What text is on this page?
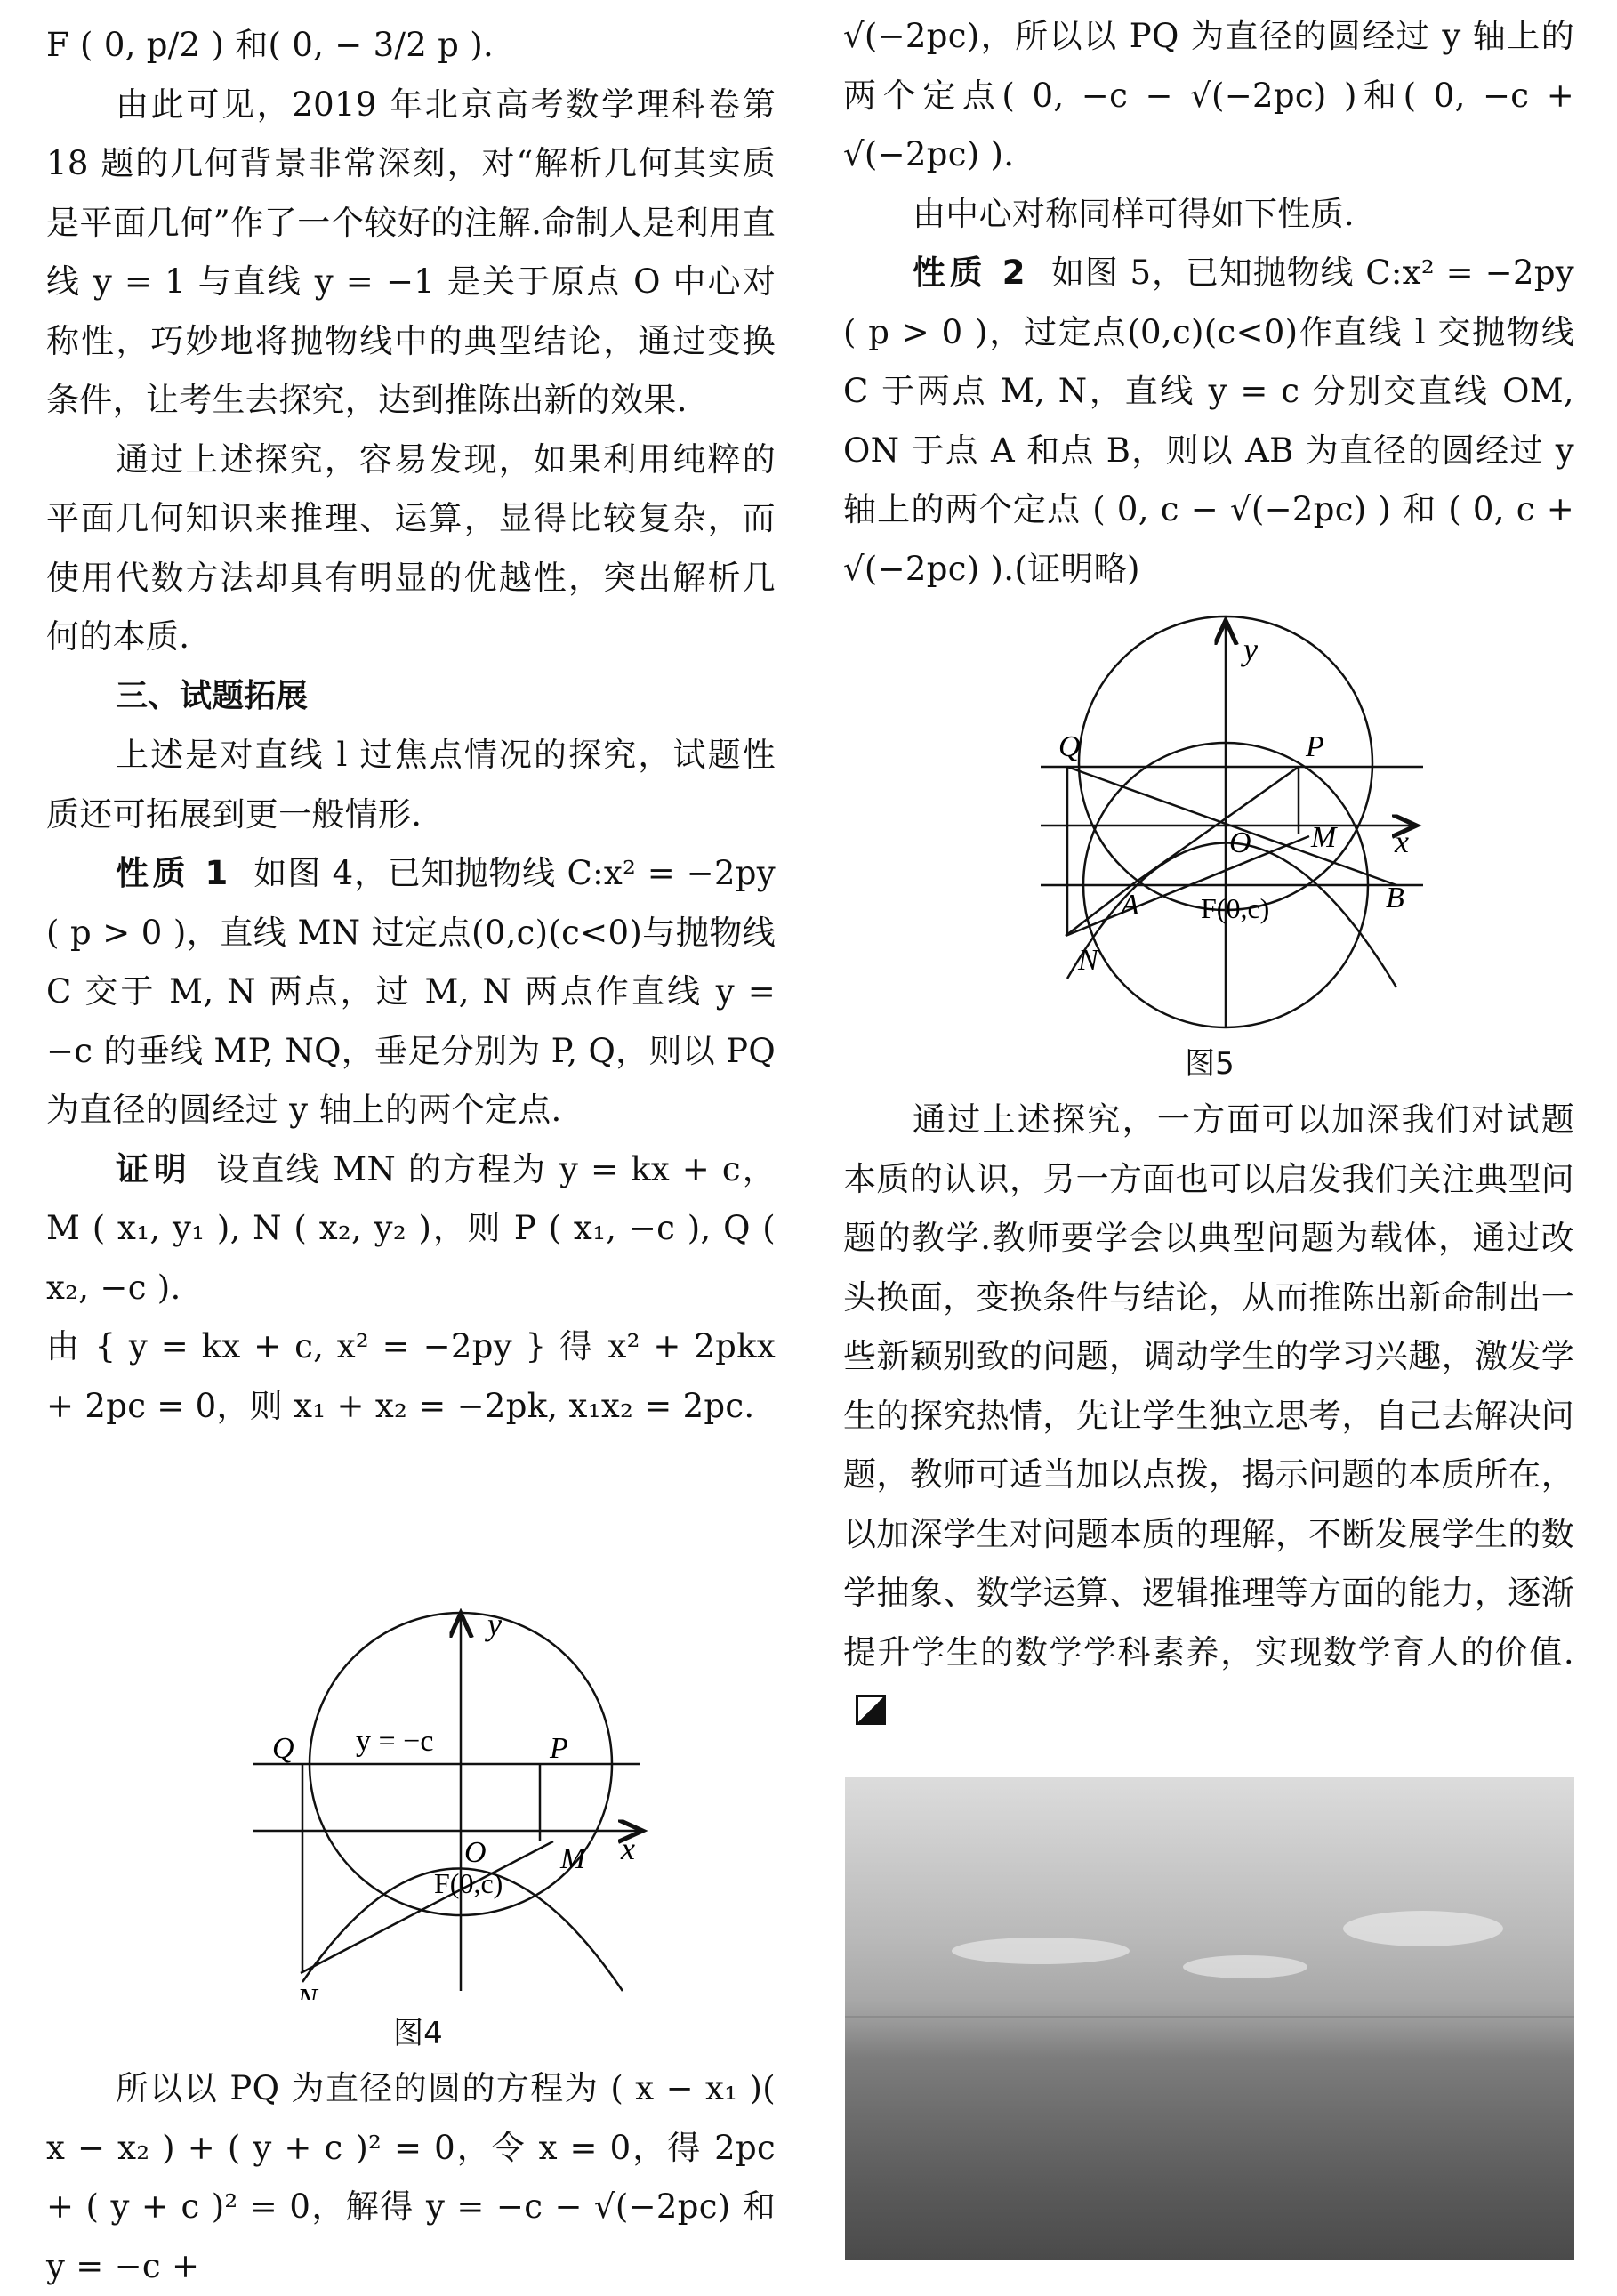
F ( 0, p/2 ) 和( 0, − 3/2 p ).

由此可见，2019 年北京高考数学理科卷第 18 题的几何背景非常深刻，对“解析几何其实质是平面几何”作了一个较好的注解.命制人是利用直线 y = 1 与直线 y = −1 是关于原点 O 中心对称性，巧妙地将抛物线中的典型结论，通过变换条件，让考生去探究，达到推陈出新的效果.

通过上述探究，容易发现，如果利用纯粹的平面几何知识来推理、运算，显得比较复杂，而使用代数方法却具有明显的优越性，突出解析几何的本质.

三、试题拓展

上述是对直线 l 过焦点情况的探究，试题性质还可拓展到更一般情形.

性质 1 如图 4，已知抛物线 C:x² = −2py ( p > 0 )，直线 MN 过定点(0,c)(c<0)与抛物线 C 交于 M, N 两点，过 M, N 两点作直线 y = −c 的垂线 MP, NQ，垂足分别为 P, Q，则以 PQ 为直径的圆经过 y 轴上的两个定点.

证明 设直线 MN 的方程为 y = kx + c，M ( x₁, y₁ ), N ( x₂, y₂ )，则 P ( x₁, −c ), Q ( x₂, −c ).

由 { y = kx + c, x² = −2py } 得 x² + 2pkx + 2pc = 0，则 x₁ + x₂ = −2pk, x₁x₂ = 2pc.

y
x
O
P
Q
M
N
F(0,c)
y = −c
图4

所以以 PQ 为直径的圆的方程为 ( x − x₁ )( x − x₂ ) + ( y + c )² = 0，令 x = 0，得 2pc + ( y + c )² = 0，解得 y = −c − √(−2pc) 和 y = −c +

√(−2pc)，所以以 PQ 为直径的圆经过 y 轴上的两个定点( 0, −c − √(−2pc) )和( 0, −c + √(−2pc) ).

由中心对称同样可得如下性质.

性质 2 如图 5，已知抛物线 C:x² = −2py ( p > 0 )，过定点(0,c)(c<0)作直线 l 交抛物线 C 于两点 M, N，直线 y = c 分别交直线 OM, ON 于点 A 和点 B，则以 AB 为直径的圆经过 y 轴上的两个定点 ( 0, c − √(−2pc) ) 和 ( 0, c + √(−2pc) ).(证明略)

y
x
O
P
Q
M
N
A	B
F(0,c)
图5

通过上述探究，一方面可以加深我们对试题本质的认识，另一方面也可以启发我们关注典型问题的教学.教师要学会以典型问题为载体，通过改头换面，变换条件与结论，从而推陈出新命制出一些新颖别致的问题，调动学生的学习兴趣，激发学生的探究热情，先让学生独立思考，自己去解决问题，教师可适当加以点拨，揭示问题的本质所在，以加深学生对问题本质的理解，不断发展学生的数学抽象、数学运算、逻辑推理等方面的能力，逐渐提升学生的数学学科素养，实现数学育人的价值.
